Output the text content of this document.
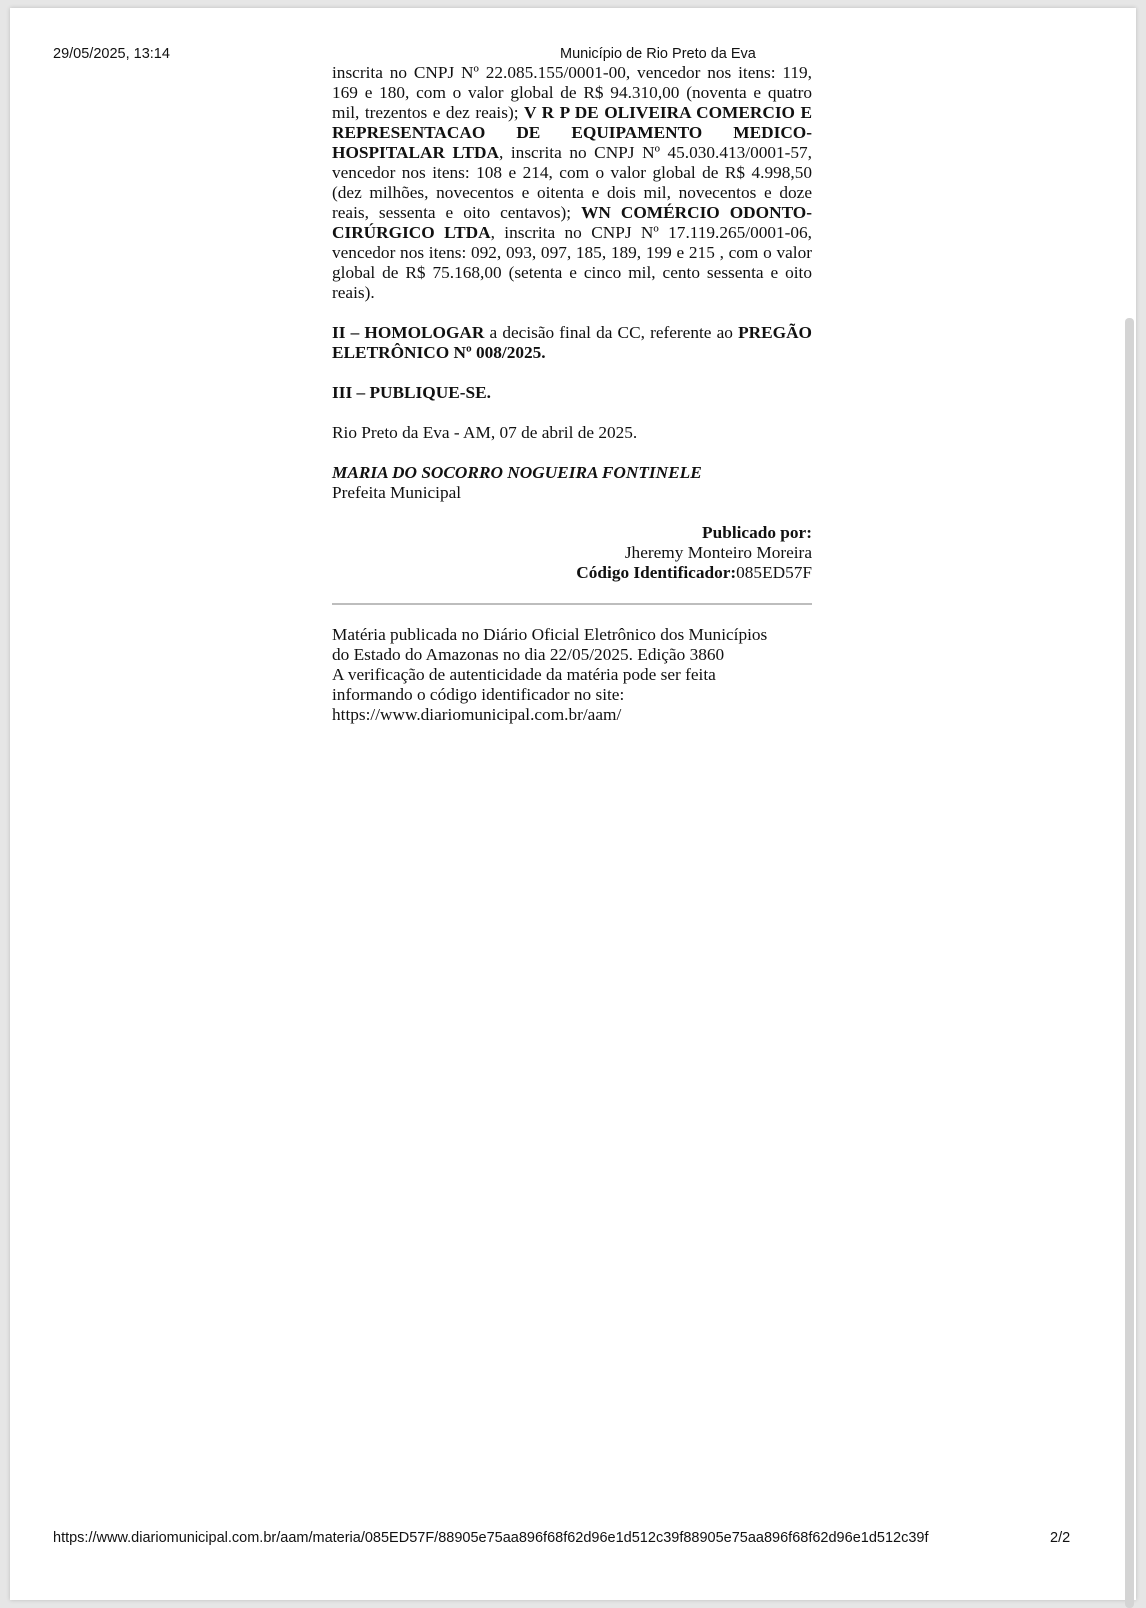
29/05/2025, 13:14	Município de Rio Preto da Eva

inscrita no CNPJ Nº 22.085.155/0001-00, vencedor nos itens: 119, 169 e 180, com o valor global de R$ 94.310,00 (noventa e quatro mil, trezentos e dez reais); V R P DE OLIVEIRA COMERCIO E REPRESENTACAO DE EQUIPAMENTO MEDICO-HOSPITALAR LTDA, inscrita no CNPJ Nº 45.030.413/0001-57, vencedor nos itens: 108 e 214, com o valor global de R$ 4.998,50 (dez milhões, novecentos e oitenta e dois mil, novecentos e doze reais, sessenta e oito centavos); WN COMÉRCIO ODONTO-CIRÚRGICO LTDA, inscrita no CNPJ Nº 17.119.265/0001-06, vencedor nos itens: 092, 093, 097, 185, 189, 199 e 215 , com o valor global de R$ 75.168,00 (setenta e cinco mil, cento sessenta e oito reais).

II – HOMOLOGAR a decisão final da CC, referente ao PREGÃO ELETRÔNICO Nº 008/2025.

III – PUBLIQUE-SE.

Rio Preto da Eva - AM, 07 de abril de 2025.

MARIA DO SOCORRO NOGUEIRA FONTINELE

Prefeita Municipal

Publicado por:

Jheremy Monteiro Moreira

Código Identificador:085ED57F

Matéria publicada no Diário Oficial Eletrônico dos Municípios

do Estado do Amazonas no dia 22/05/2025. Edição 3860

A verificação de autenticidade da matéria pode ser feita

informando o código identificador no site:

https://www.diariomunicipal.com.br/aam/

https://www.diariomunicipal.com.br/aam/materia/085ED57F/88905e75aa896f68f62d96e1d512c39f88905e75aa896f68f62d96e1d512c39f	2/2
